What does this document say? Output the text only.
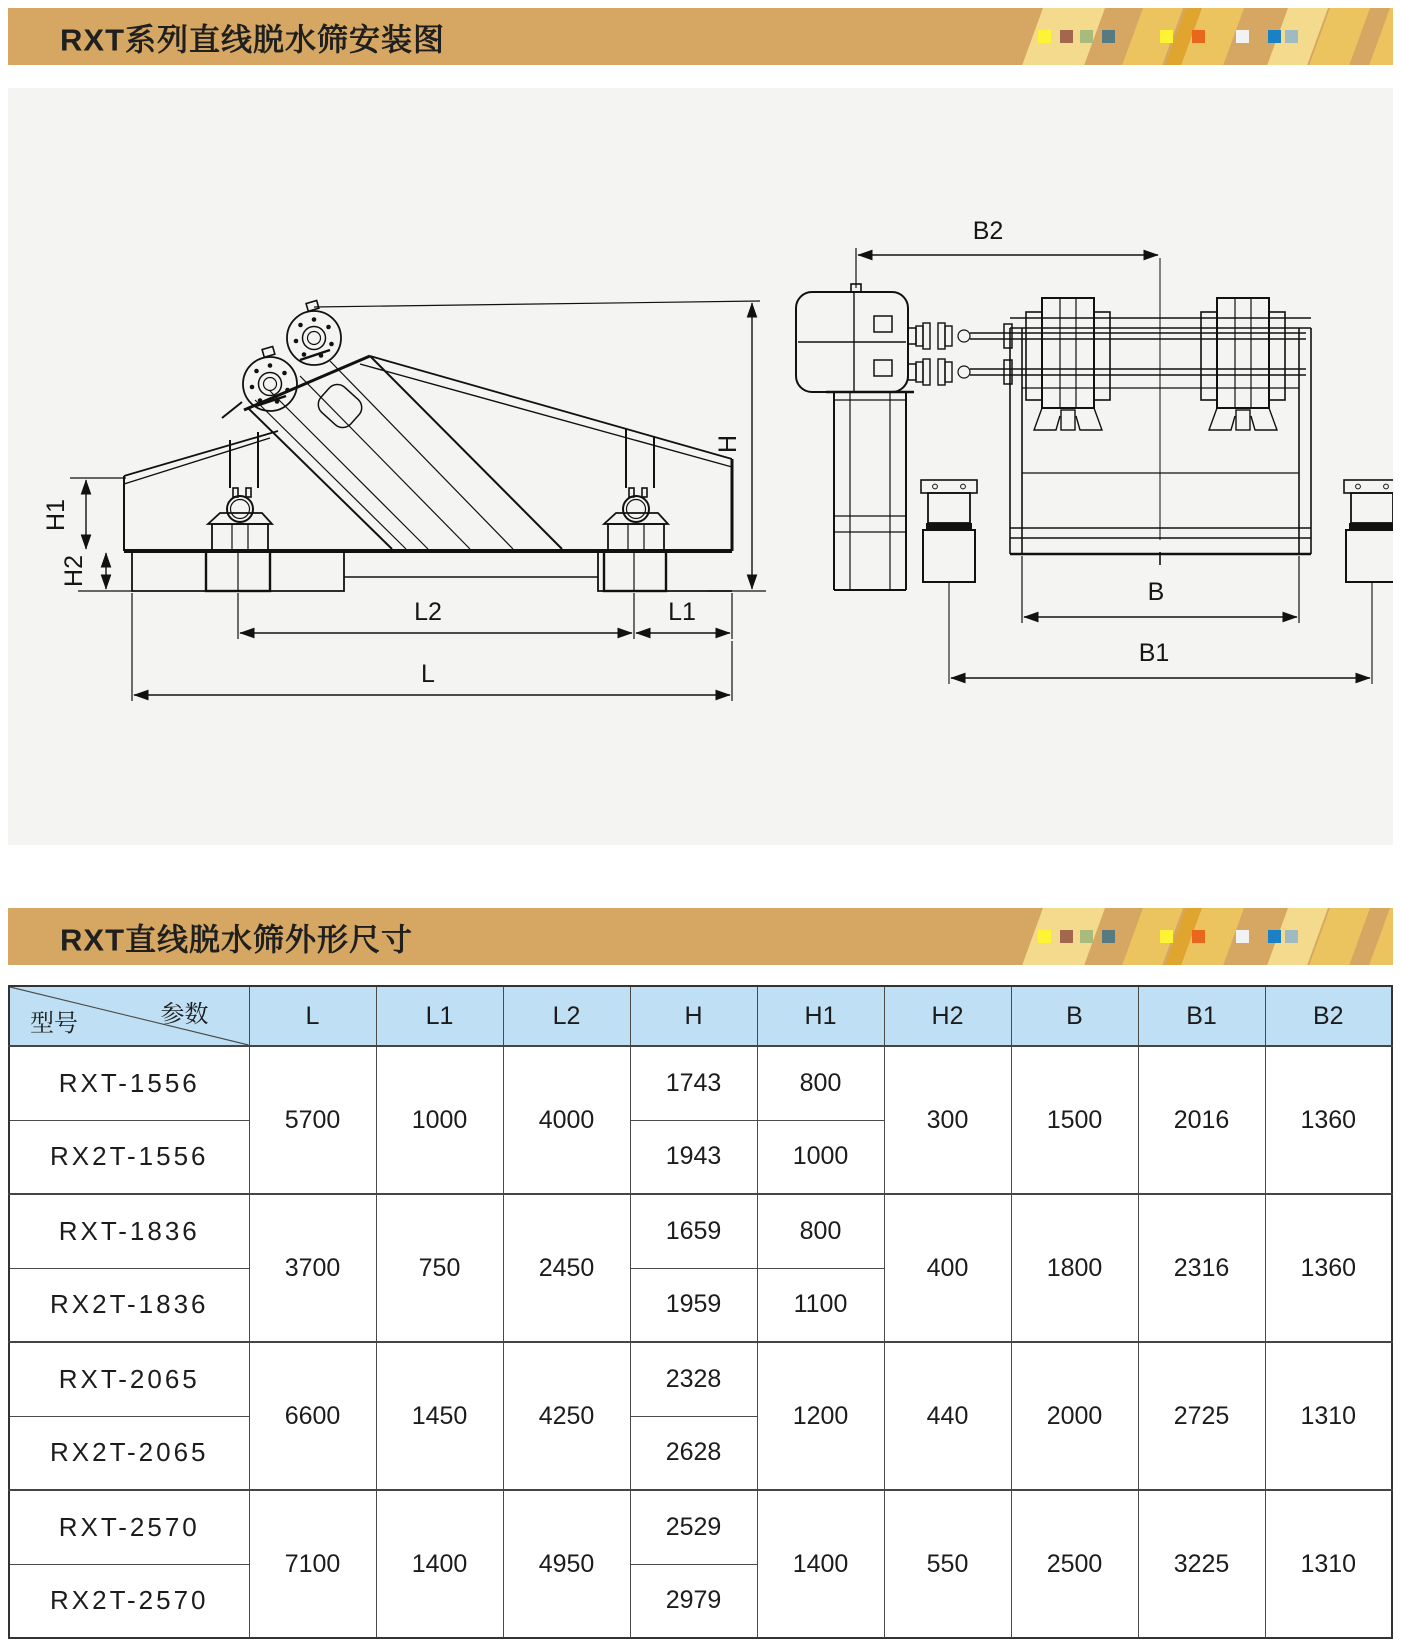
RXT系列直线脱水筛安装图
H
H1
H2
L2	L1
L
B2
B
B1
RXT直线脱水筛外形尺寸
参数
型号	L	L1	L2	H	H1	H2	B	B1	B2
RXT-1556	5700	1000	4000	1743	800	300	1500	2016	1360
RX2T-1556				1943	1000				
RXT-1836	3700	750	2450	1659	800	400	1800	2316	1360
RX2T-1836				1959	1100				
RXT-2065	6600	1450	4250	2328	1200	440	2000	2725	1310
RX2T-2065				2628					
RXT-2570	7100	1400	4950	2529	1400	550	2500	3225	1310
RX2T-2570				2979					
